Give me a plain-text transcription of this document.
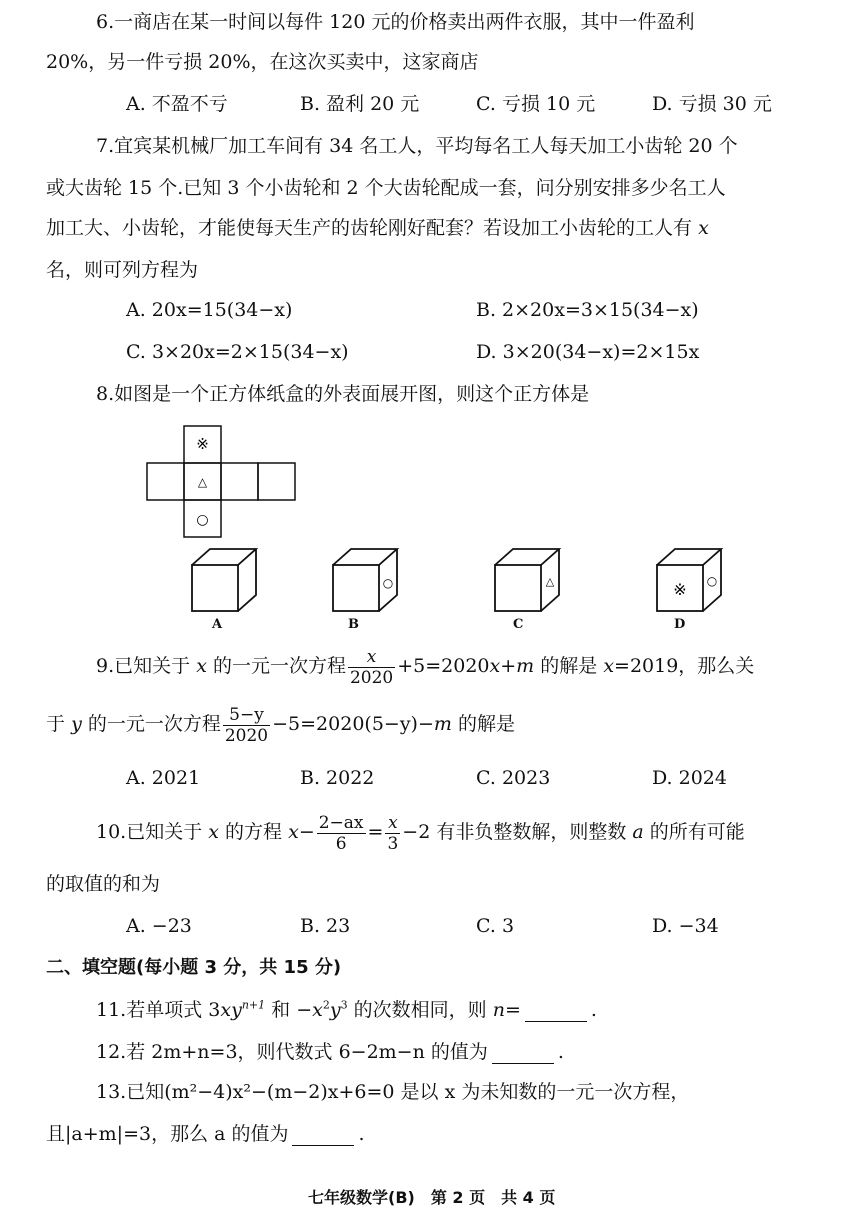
6.一商店在某一时间以每件 120 元的价格卖出两件衣服，其中一件盈利
20%，另一件亏损 20%，在这次买卖中，这家商店
A. 不盈不亏	B. 盈利 20 元	C. 亏损 10 元	D. 亏损 30 元
7.宜宾某机械厂加工车间有 34 名工人，平均每名工人每天加工小齿轮 20 个
或大齿轮 15 个.已知 3 个小齿轮和 2 个大齿轮配成一套，问分别安排多少名工人
加工大、小齿轮，才能使每天生产的齿轮刚好配套？若设加工小齿轮的工人有 x
名，则可列方程为
A. 20x=15(34−x)	B. 2×20x=3×15(34−x)
C. 3×20x=2×15(34−x)	D. 3×20(34−x)=2×15x
8.如图是一个正方体纸盒的外表面展开图，则这个正方体是
※
△
○
A
○
B
△
C
※ ○
D
9.已知关于 x 的一元一次方程 $\frac{x}{2020} +5=2020x+m$ 的解是 x=2019，那么关
于 y 的一元一次方程 $\frac{5-y}{2020} -5=2020(5-y)-m$ 的解是
A. 2021	B. 2022	C. 2023	D. 2024
10.已知关于 x 的方程 $x- \frac{2-ax}{6} = \frac{x}{3} -2$ 有非负整数解，则整数 a 的所有可能
的取值的和为
A. −23	B. 23	C. 3	D. −34
二、填空题(每小题 3 分，共 15 分)
11.若单项式 $3xy^{n+1}$ 和 $-x^2y^3$ 的次数相同，则 n=	.
12.若 2m+n=3，则代数式 6−2m−n 的值为	.
13.已知(m²−4)x²−(m−2)x+6=0 是以 x 为未知数的一元一次方程，
且|a+m|=3，那么 a 的值为	.
七年级数学(B)　第 2 页　共 4 页
